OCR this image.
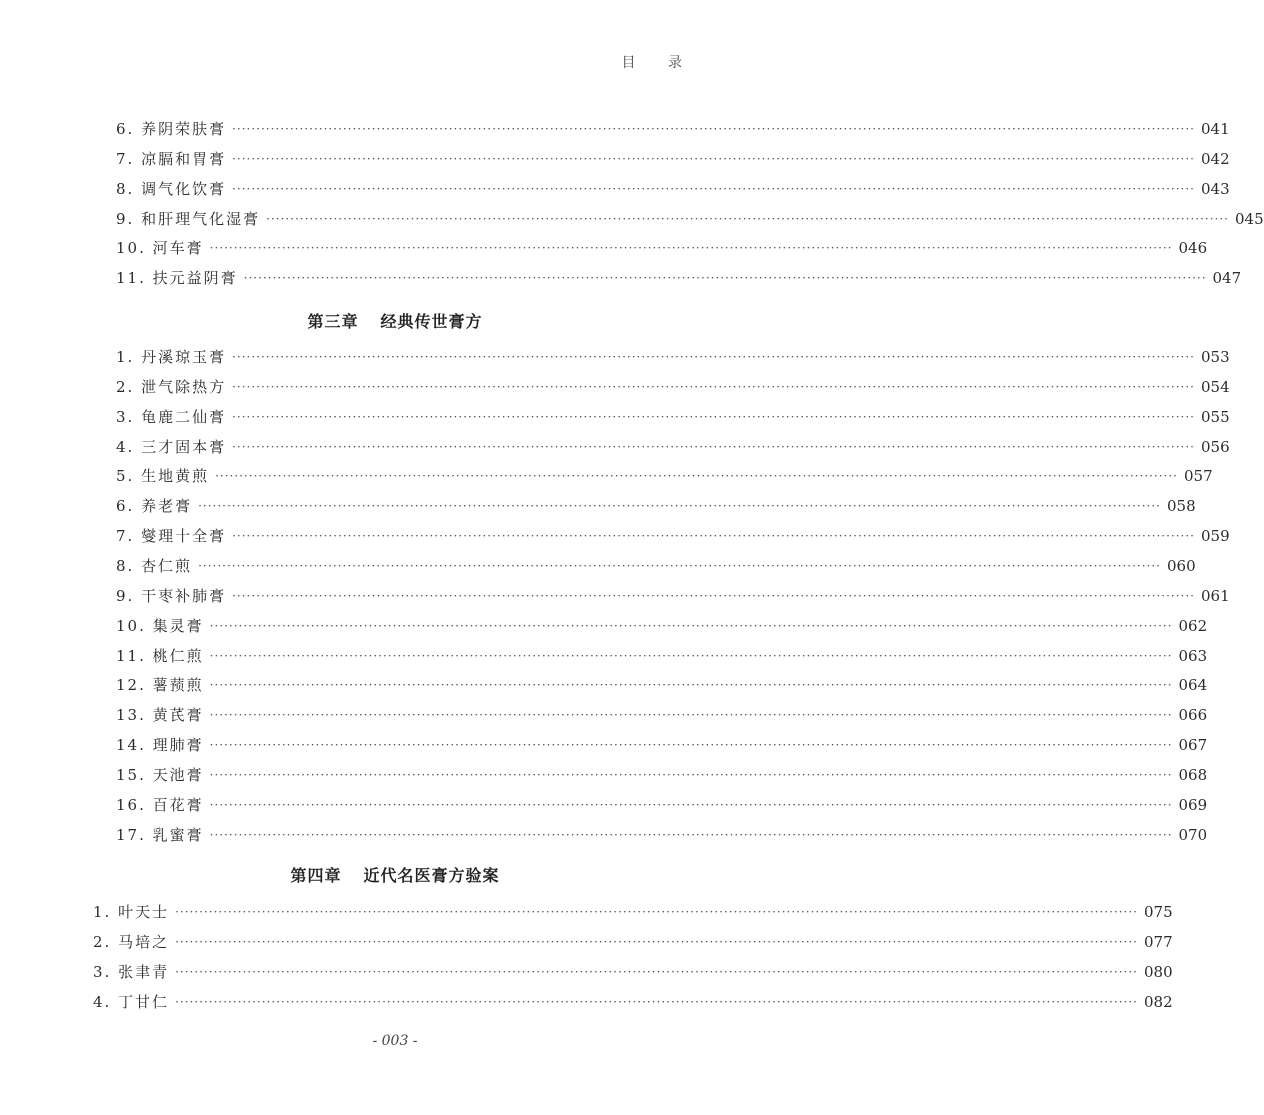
目 录
6. 养阴荣肤膏 ········································································································································································································ 041
7. 凉膈和胃膏 ········································································································································································································ 042
8. 调气化饮膏 ········································································································································································································ 043
9. 和肝理气化湿膏 ········································································································································································································ 045
10. 河车膏 ········································································································································································································ 046
11. 扶元益阴膏 ········································································································································································································ 047
第三章 经典传世膏方
1. 丹溪琼玉膏 ········································································································································································································ 053
2. 泄气除热方 ········································································································································································································ 054
3. 龟鹿二仙膏 ········································································································································································································ 055
4. 三才固本膏 ········································································································································································································ 056
5. 生地黄煎 ········································································································································································································ 057
6. 养老膏 ········································································································································································································ 058
7. 燮理十全膏 ········································································································································································································ 059
8. 杏仁煎 ········································································································································································································ 060
9. 干枣补肺膏 ········································································································································································································ 061
10. 集灵膏 ········································································································································································································ 062
11. 桃仁煎 ········································································································································································································ 063
12. 薯蓣煎 ········································································································································································································ 064
13. 黄芪膏 ········································································································································································································ 066
14. 理肺膏 ········································································································································································································ 067
15. 天池膏 ········································································································································································································ 068
16. 百花膏 ········································································································································································································ 069
17. 乳蜜膏 ········································································································································································································ 070
第四章 近代名医膏方验案
1. 叶天士 ········································································································································································································ 075
2. 马培之 ········································································································································································································ 077
3. 张聿青 ········································································································································································································ 080
4. 丁甘仁 ········································································································································································································ 082
- 003 -
